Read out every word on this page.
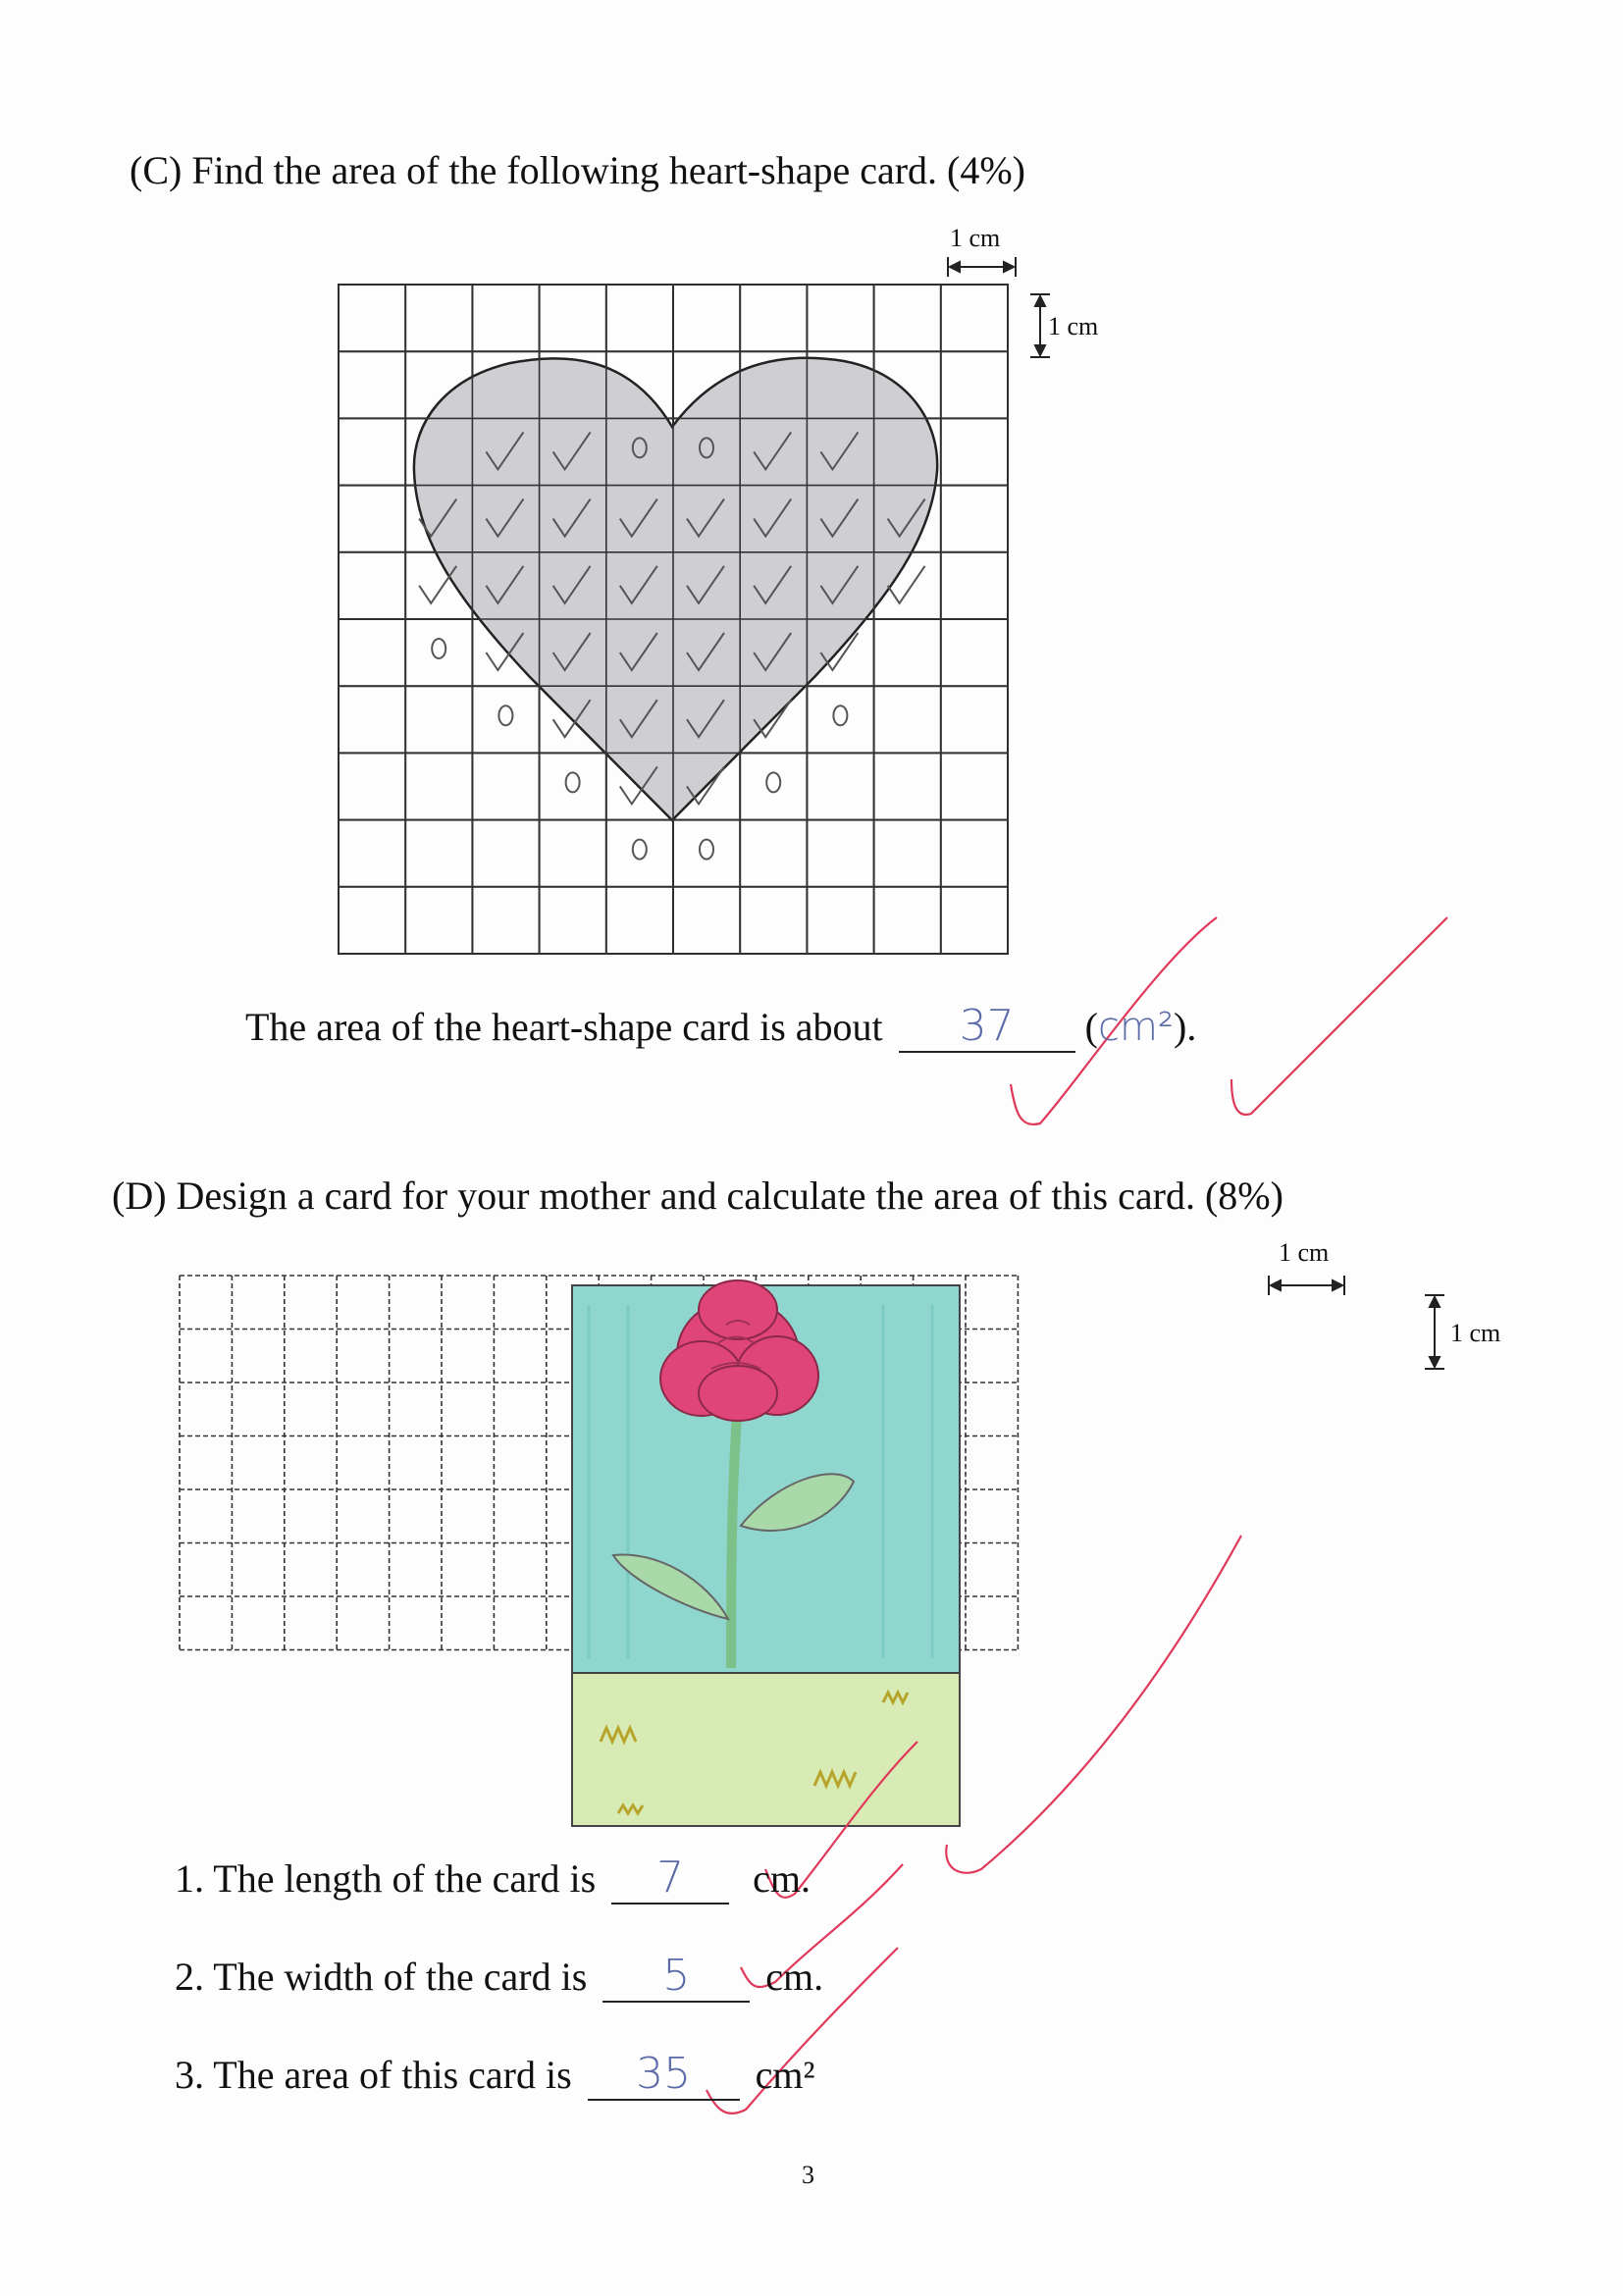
(C) Find the area of the following heart-shape card. (4%)
1 cm
1 cm
The area of the heart-shape card is about 37 (cm²).
(D) Design a card for your mother and calculate the area of this card. (8%)
1 cm
1 cm
1. The length of the card is 7 cm.
2. The width of the card is 5 cm.
3. The area of this card is 35 cm²
3
